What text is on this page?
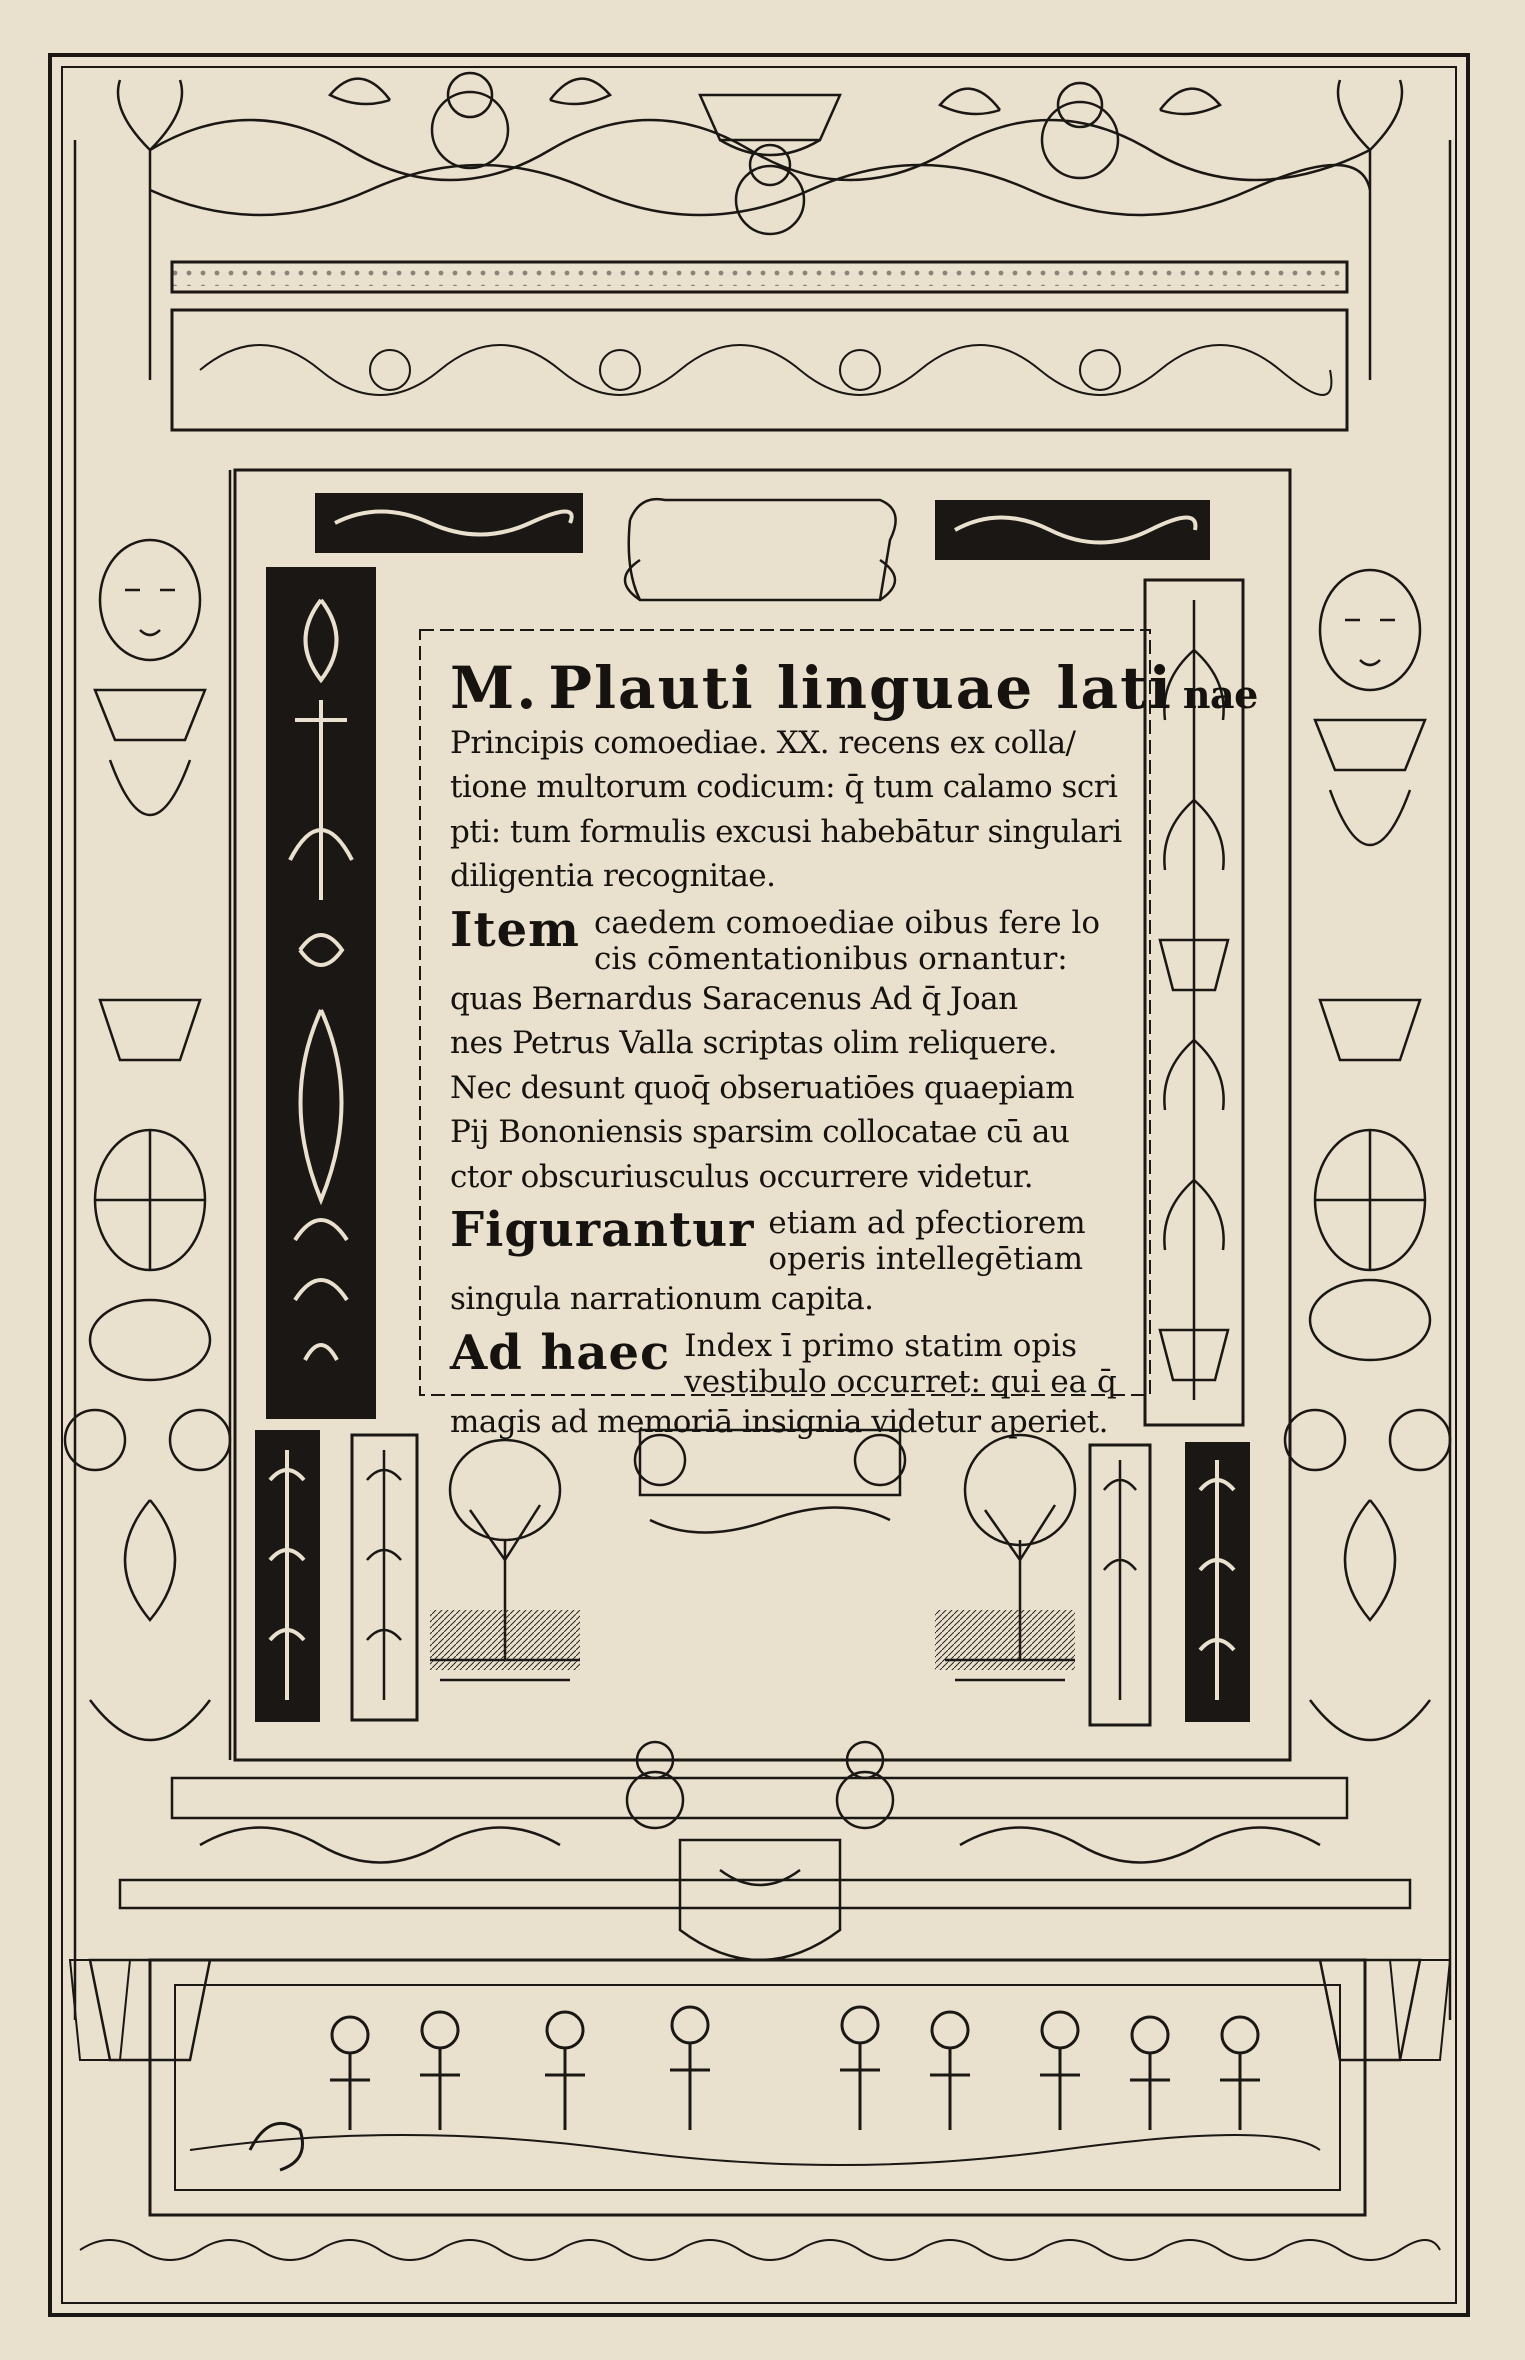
M. Plauti linguae lati nae
Principis comoediae. XX. recens ex colla/
tione multorum codicum: q̄ tum calamo scri
pti: tum formulis excusi habebātur singulari
diligentia recognitae.
Item caedem comoediae oibus fere lo
cis cōmentationibus ornantur:
quas Bernardus Saracenus Ad q̄ Joan
nes Petrus Valla scriptas olim reliquere.
Nec desunt quoq̄ obseruatiōes quaepiam
Pij Bononiensis sparsim collocatae cū au
ctor obscuriusculus occurrere videtur.
Figurantur etiam ad pfectiorem
operis intellegētiam
singula narrationum capita.
Ad haec Index ī primo statim opis
vestibulo occurret: qui ea q̄
magis ad memoriā insignia videtur aperiet.
